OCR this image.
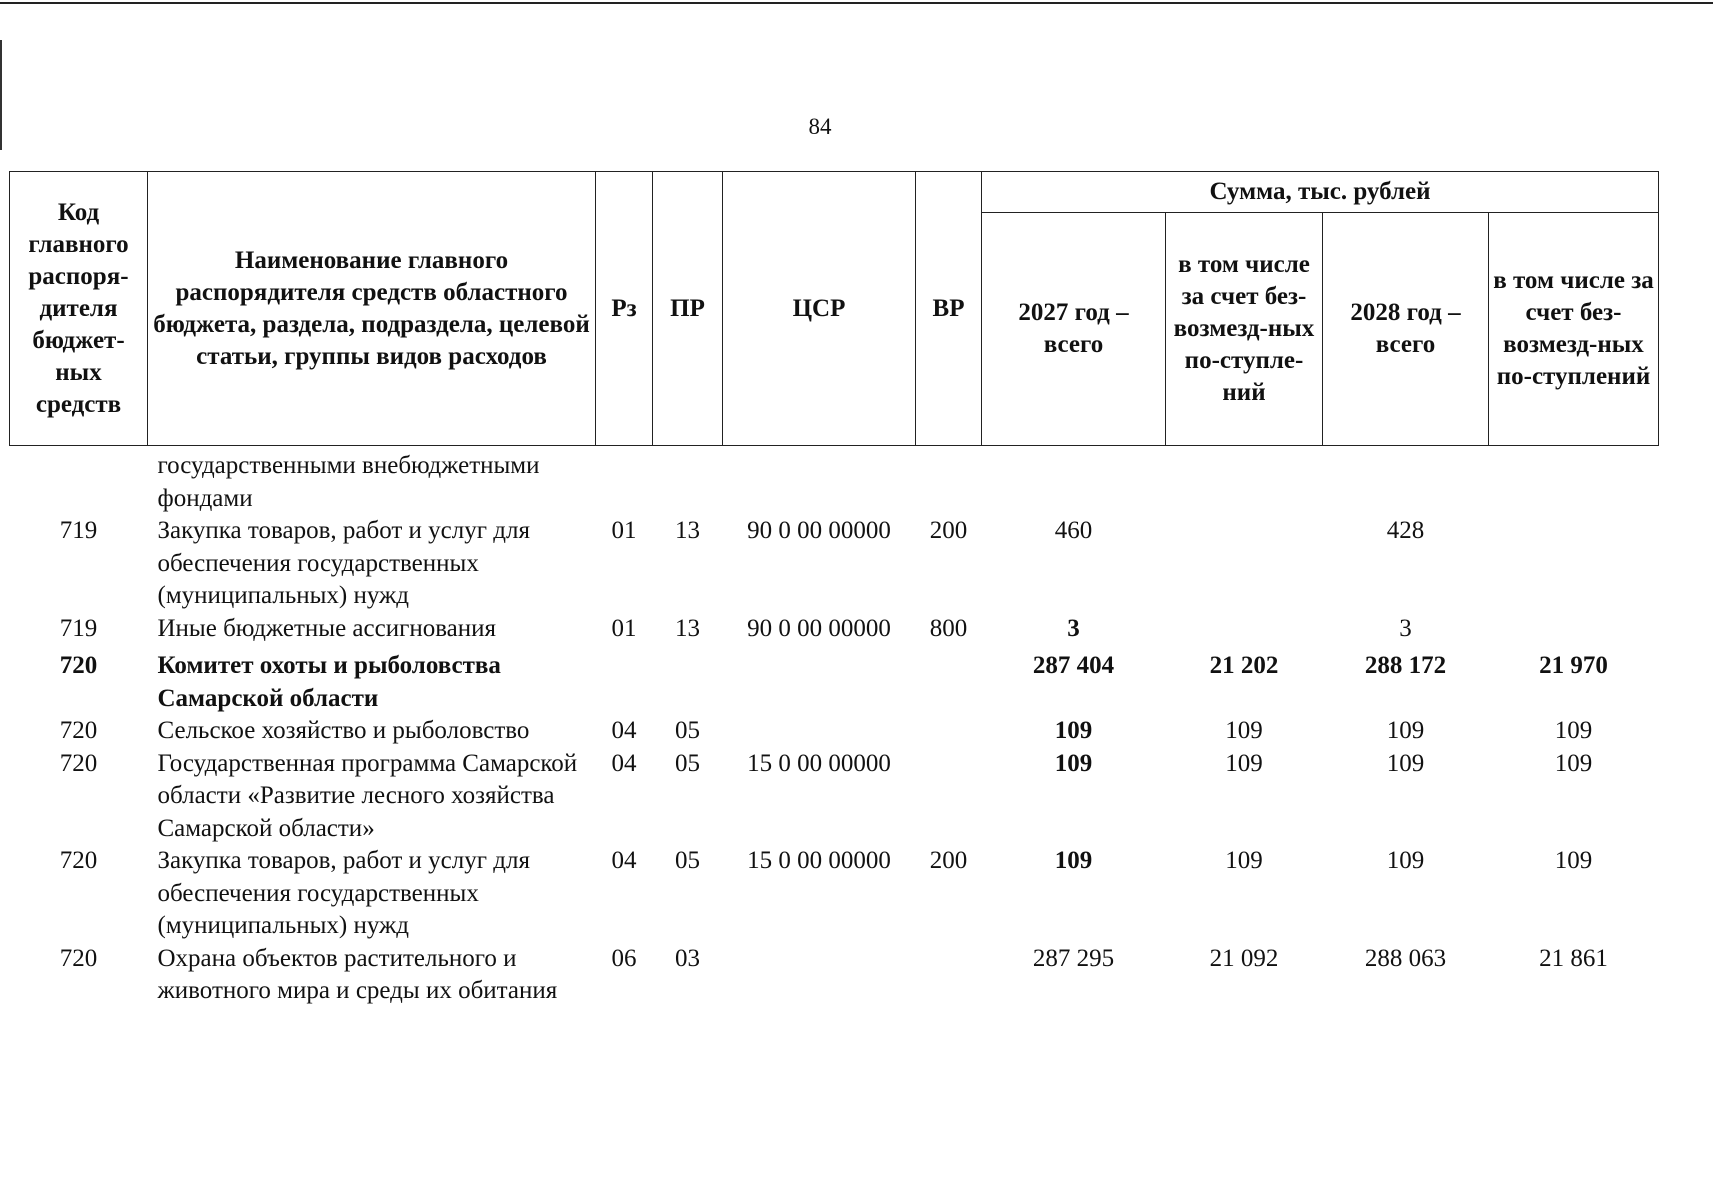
84
Код главного распоря-дителя бюджет-ных средств	Наименование главного распорядителя средств областного бюджета, раздела, подраздела, целевой статьи, группы видов расходов	Рз	ПР	ЦСР	ВР	Сумма, тыс. рублей			
						2027 год – всего	в том числе за счет без-возмезд-ных по-ступле-ний	2028 год – всего	в том числе за счет без-возмезд-ных по-ступлений
	государственными внебюджетными фондами								
719	Закупка товаров, работ и услуг для обеспечения государственных (муниципальных) нужд	01	13	90 0 00 00000	200	460		428	
719	Иные бюджетные ассигнования	01	13	90 0 00 00000	800	3		3	
720	Комитет охоты и рыболовства Самарской области					287 404	21 202	288 172	21 970
720	Сельское хозяйство и рыболовство	04	05			109	109	109	109
720	Государственная программа Самарской области «Развитие лесного хозяйства Самарской области»	04	05	15 0 00 00000		109	109	109	109
720	Закупка товаров, работ и услуг для обеспечения государственных (муниципальных) нужд	04	05	15 0 00 00000	200	109	109	109	109
720	Охрана объектов растительного и животного мира и среды их обитания	06	03			287 295	21 092	288 063	21 861
